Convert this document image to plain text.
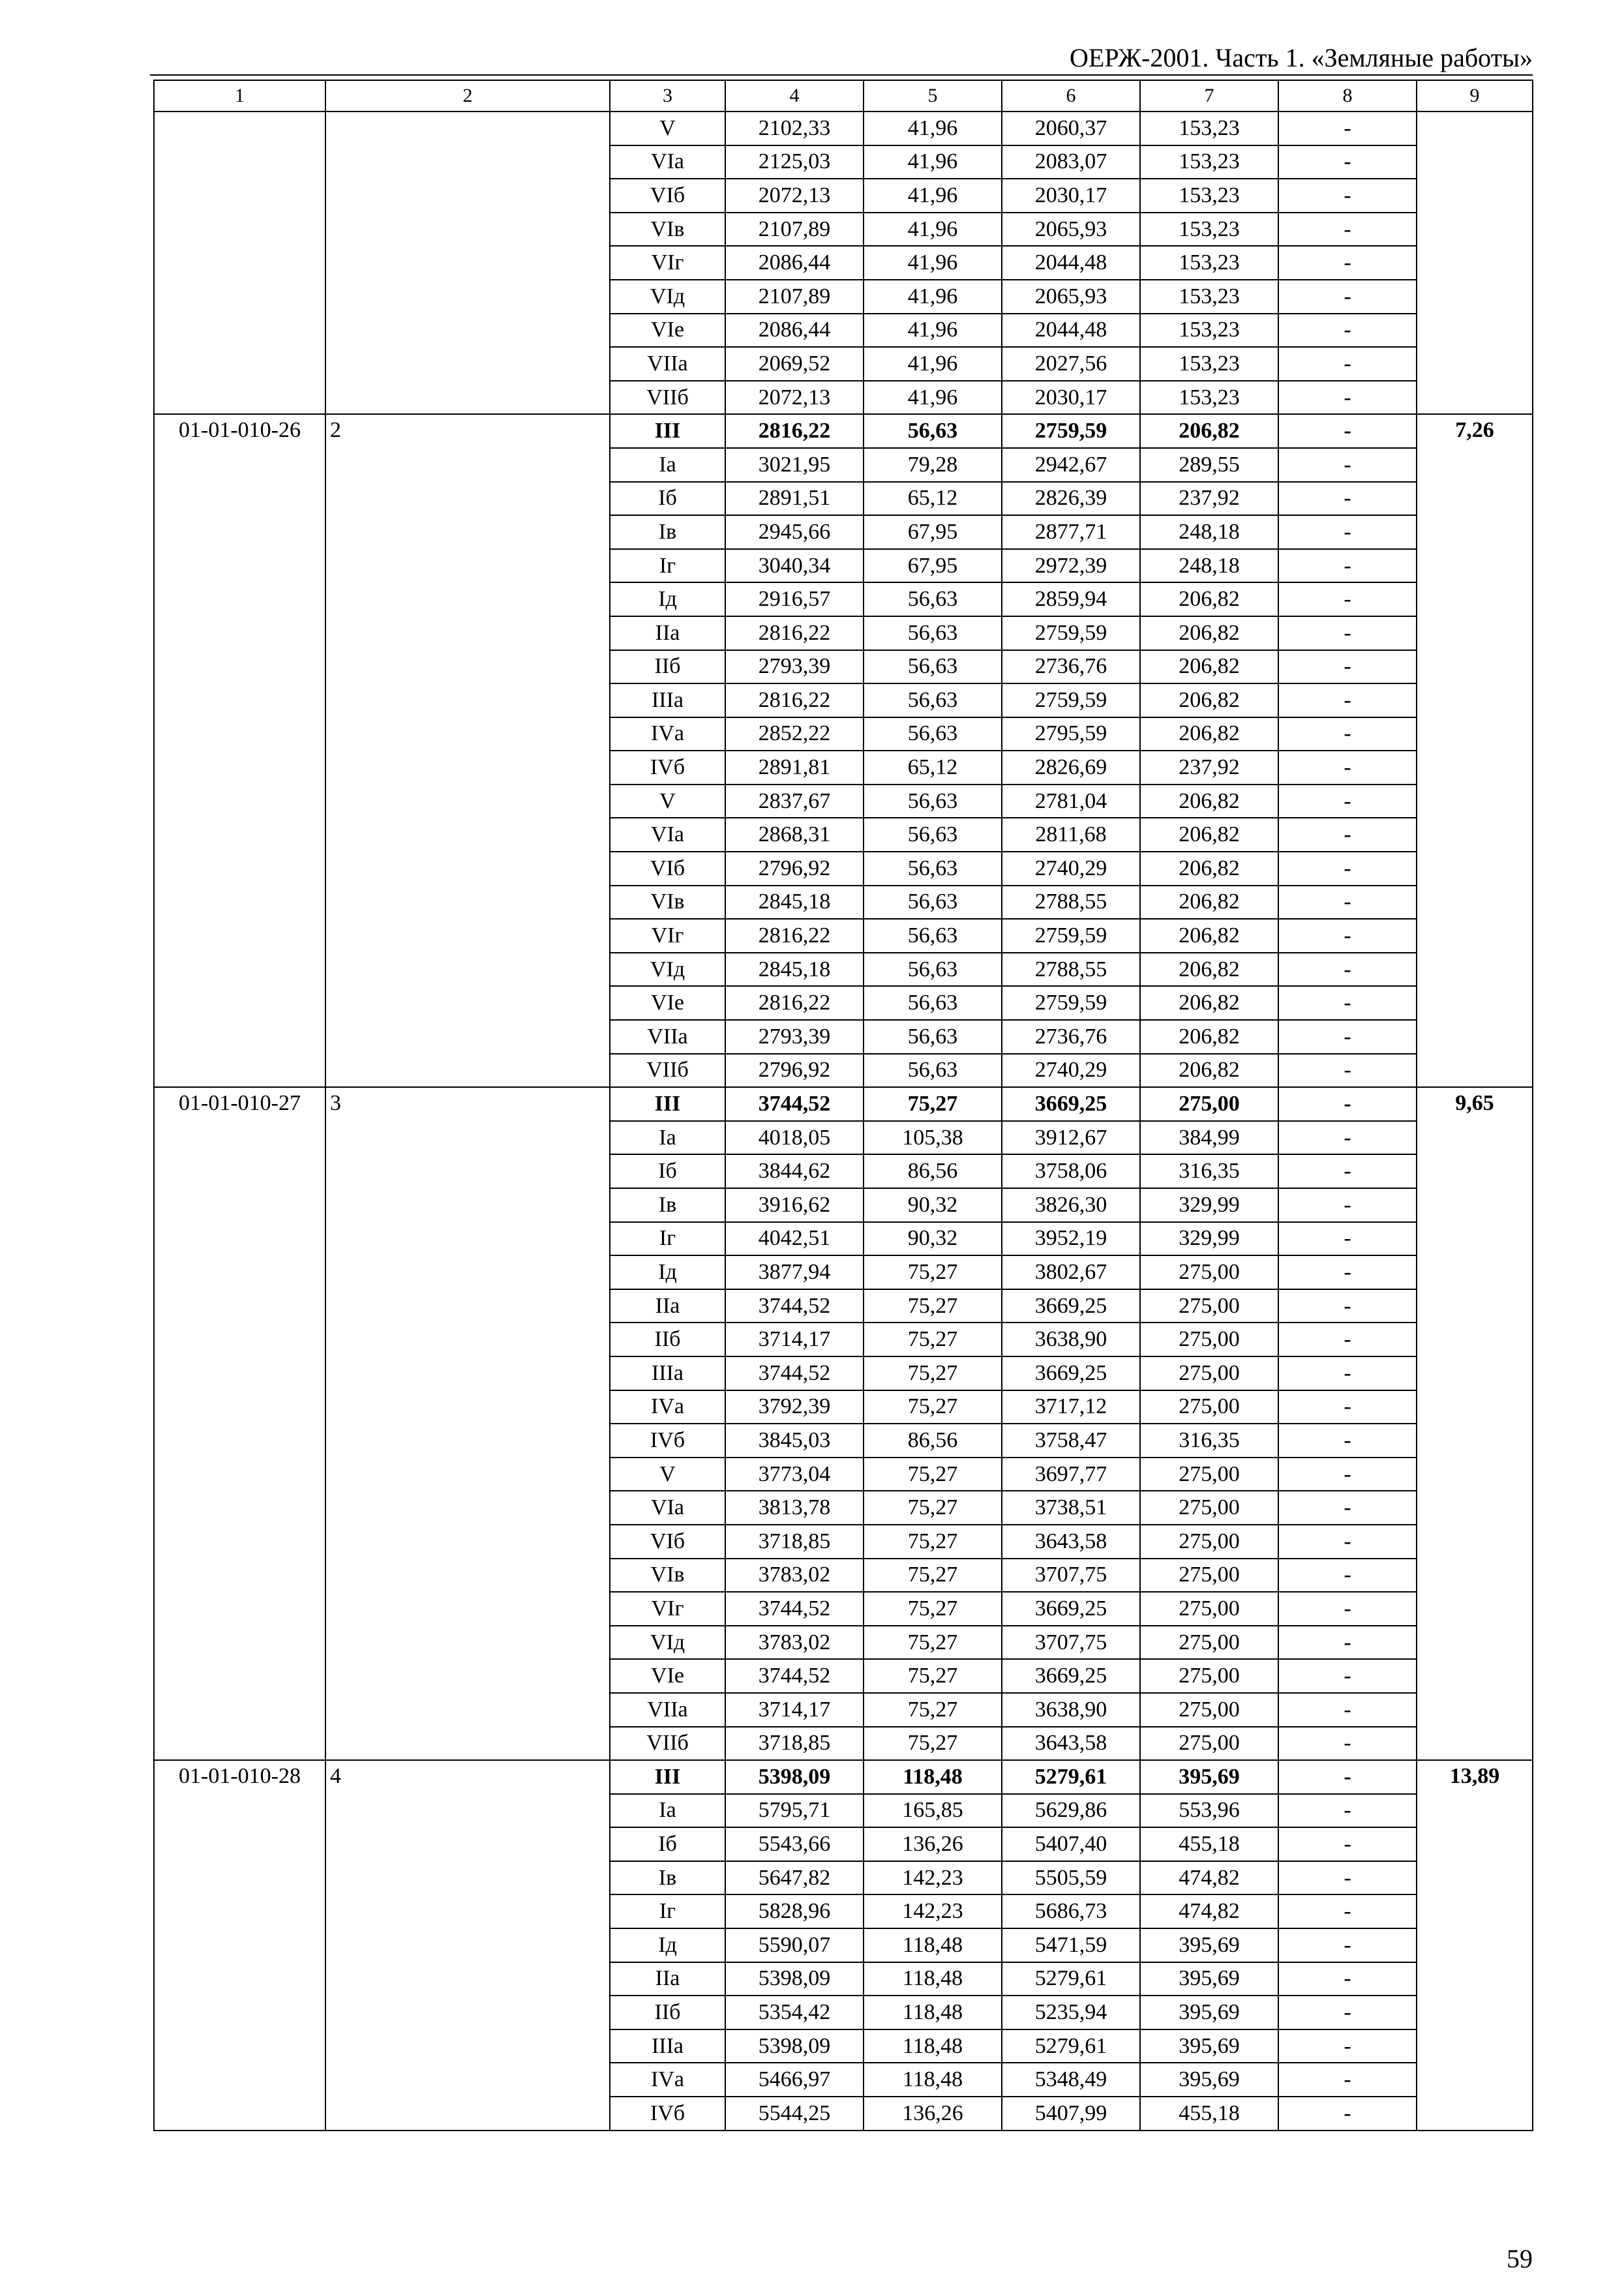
ОЕРЖ-2001. Часть 1. «Земляные работы»
1	2	3	4	5	6	7	8	9
		V	2102,33	41,96	2060,37	153,23	-	
		VIа	2125,03	41,96	2083,07	153,23	-	
		VIб	2072,13	41,96	2030,17	153,23	-	
		VIв	2107,89	41,96	2065,93	153,23	-	
		VIг	2086,44	41,96	2044,48	153,23	-	
		VIд	2107,89	41,96	2065,93	153,23	-	
		VIе	2086,44	41,96	2044,48	153,23	-	
		VIIа	2069,52	41,96	2027,56	153,23	-	
		VIIб	2072,13	41,96	2030,17	153,23	-	
01-01-010-26	2	III	2816,22	56,63	2759,59	206,82	-	7,26
		Iа	3021,95	79,28	2942,67	289,55	-	
		Iб	2891,51	65,12	2826,39	237,92	-	
		Iв	2945,66	67,95	2877,71	248,18	-	
		Iг	3040,34	67,95	2972,39	248,18	-	
		Iд	2916,57	56,63	2859,94	206,82	-	
		IIа	2816,22	56,63	2759,59	206,82	-	
		IIб	2793,39	56,63	2736,76	206,82	-	
		IIIа	2816,22	56,63	2759,59	206,82	-	
		IVа	2852,22	56,63	2795,59	206,82	-	
		IVб	2891,81	65,12	2826,69	237,92	-	
		V	2837,67	56,63	2781,04	206,82	-	
		VIа	2868,31	56,63	2811,68	206,82	-	
		VIб	2796,92	56,63	2740,29	206,82	-	
		VIв	2845,18	56,63	2788,55	206,82	-	
		VIг	2816,22	56,63	2759,59	206,82	-	
		VIд	2845,18	56,63	2788,55	206,82	-	
		VIе	2816,22	56,63	2759,59	206,82	-	
		VIIа	2793,39	56,63	2736,76	206,82	-	
		VIIб	2796,92	56,63	2740,29	206,82	-	
01-01-010-27	3	III	3744,52	75,27	3669,25	275,00	-	9,65
		Iа	4018,05	105,38	3912,67	384,99	-	
		Iб	3844,62	86,56	3758,06	316,35	-	
		Iв	3916,62	90,32	3826,30	329,99	-	
		Iг	4042,51	90,32	3952,19	329,99	-	
		Iд	3877,94	75,27	3802,67	275,00	-	
		IIа	3744,52	75,27	3669,25	275,00	-	
		IIб	3714,17	75,27	3638,90	275,00	-	
		IIIа	3744,52	75,27	3669,25	275,00	-	
		IVа	3792,39	75,27	3717,12	275,00	-	
		IVб	3845,03	86,56	3758,47	316,35	-	
		V	3773,04	75,27	3697,77	275,00	-	
		VIа	3813,78	75,27	3738,51	275,00	-	
		VIб	3718,85	75,27	3643,58	275,00	-	
		VIв	3783,02	75,27	3707,75	275,00	-	
		VIг	3744,52	75,27	3669,25	275,00	-	
		VIд	3783,02	75,27	3707,75	275,00	-	
		VIе	3744,52	75,27	3669,25	275,00	-	
		VIIа	3714,17	75,27	3638,90	275,00	-	
		VIIб	3718,85	75,27	3643,58	275,00	-	
01-01-010-28	4	III	5398,09	118,48	5279,61	395,69	-	13,89
		Iа	5795,71	165,85	5629,86	553,96	-	
		Iб	5543,66	136,26	5407,40	455,18	-	
		Iв	5647,82	142,23	5505,59	474,82	-	
		Iг	5828,96	142,23	5686,73	474,82	-	
		Iд	5590,07	118,48	5471,59	395,69	-	
		IIа	5398,09	118,48	5279,61	395,69	-	
		IIб	5354,42	118,48	5235,94	395,69	-	
		IIIа	5398,09	118,48	5279,61	395,69	-	
		IVа	5466,97	118,48	5348,49	395,69	-	
		IVб	5544,25	136,26	5407,99	455,18	-	
59
